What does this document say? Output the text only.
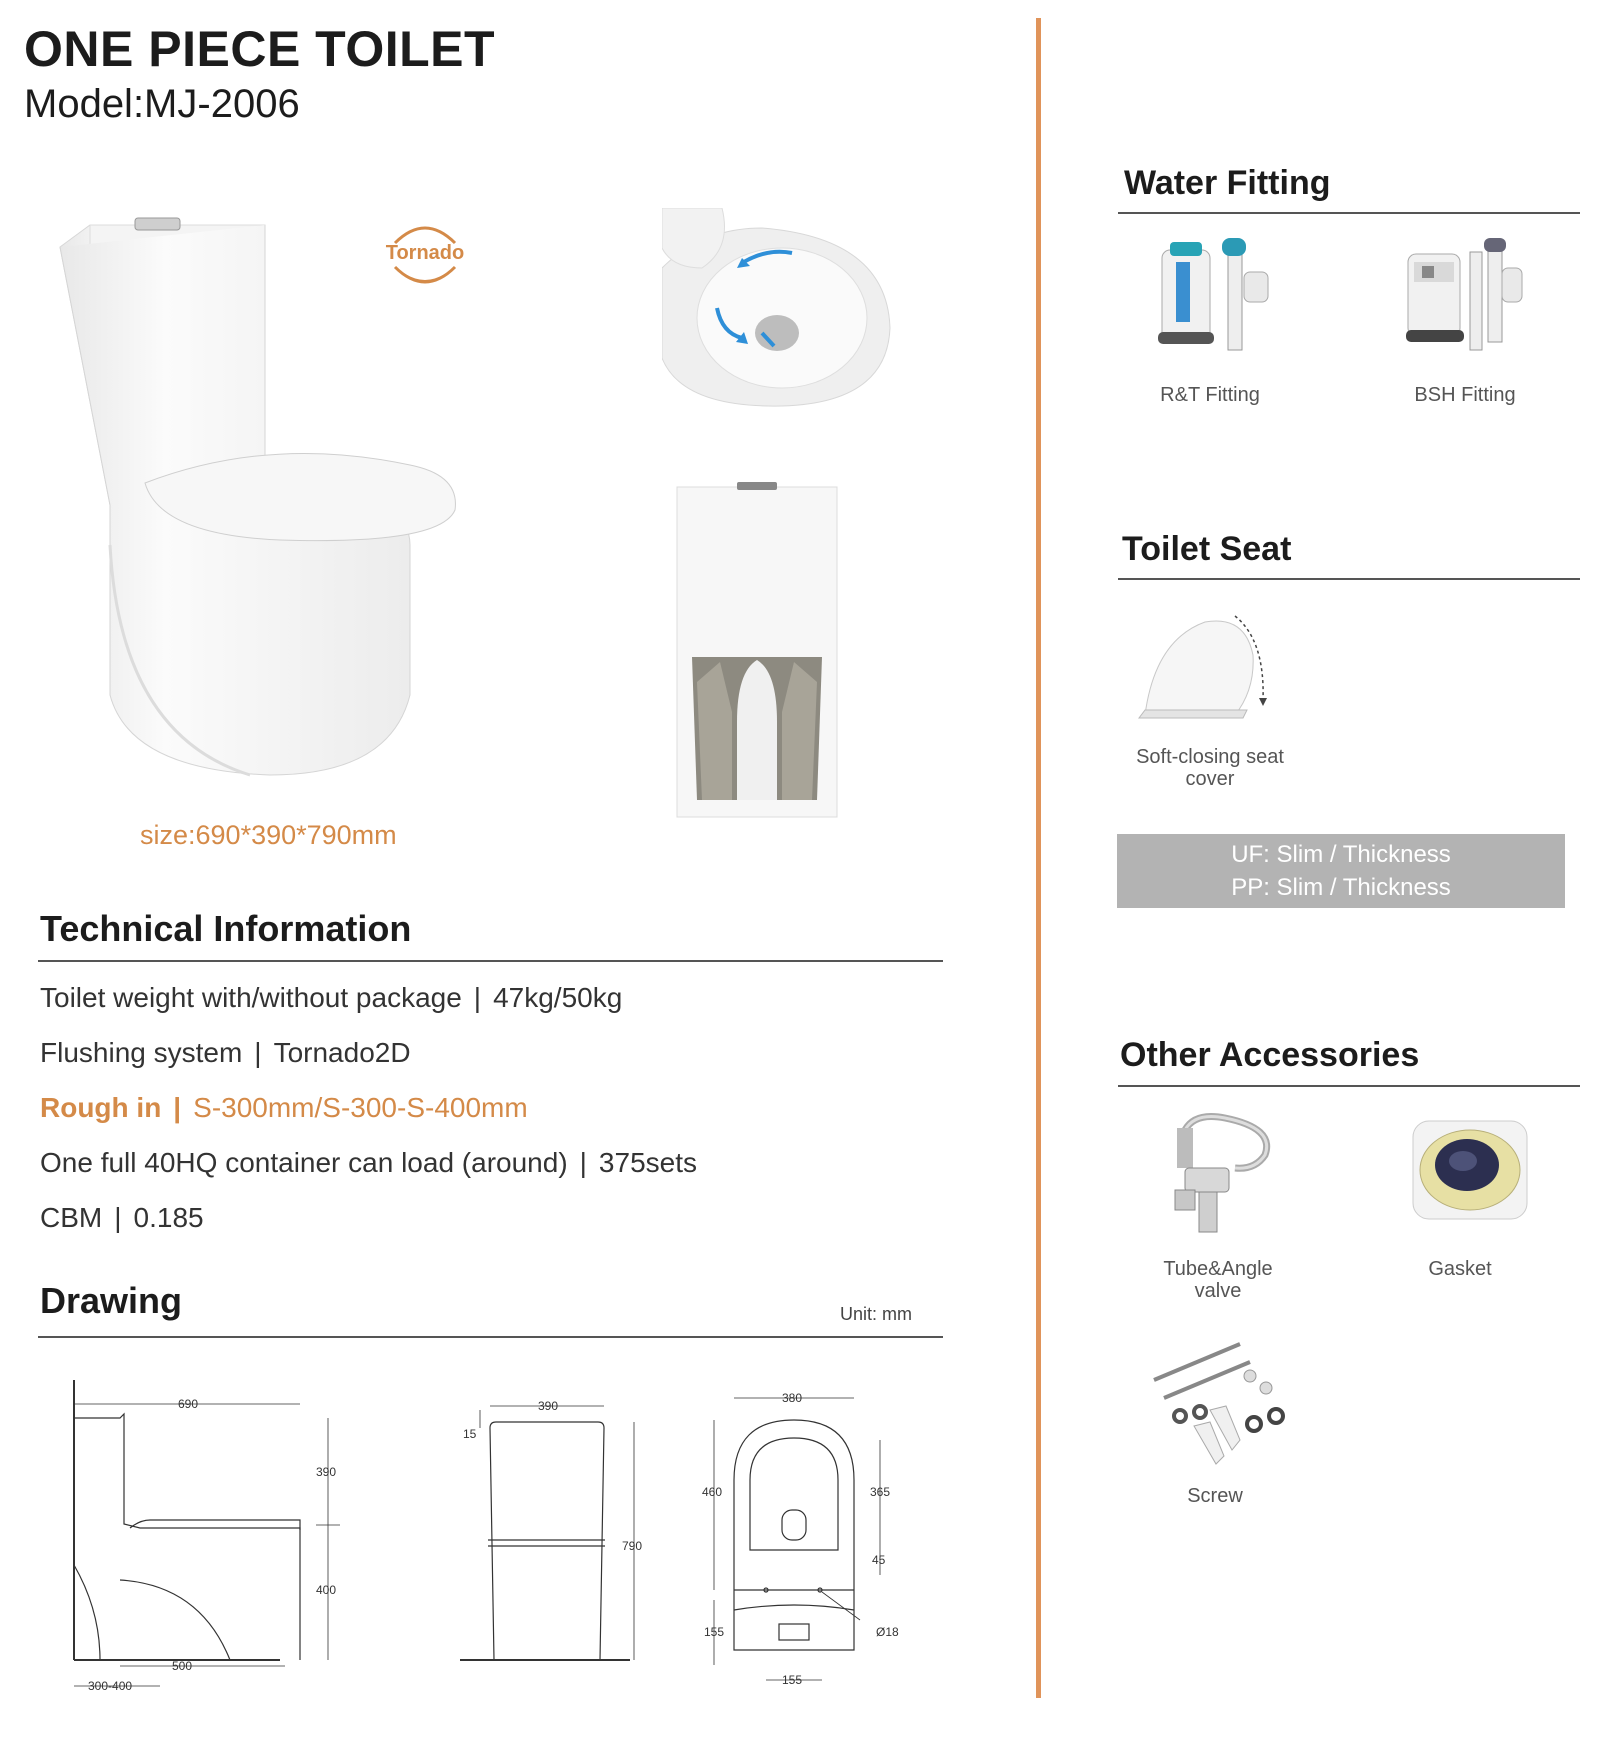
ONE PIECE TOILET
Model:MJ-2006
Tornado
size:690*390*790mm
Technical Information
Toilet weight with/without package | 47kg/50kg
Flushing system | Tornado2D
Rough in | S-300mm/S-300-S-400mm
One full 40HQ container can load (around) | 375sets
CBM | 0.185
Drawing	Unit: mm
690
390
400
500
300-400
390
15
790
380
460	365
45
155	Ø18
155
Water Fitting
R&T Fitting	BSH Fitting
Toilet Seat
Soft-closing seat
cover
UF: Slim / Thickness
PP: Slim / Thickness
Other Accessories
Tube&Angle
valve
Gasket
Screw
